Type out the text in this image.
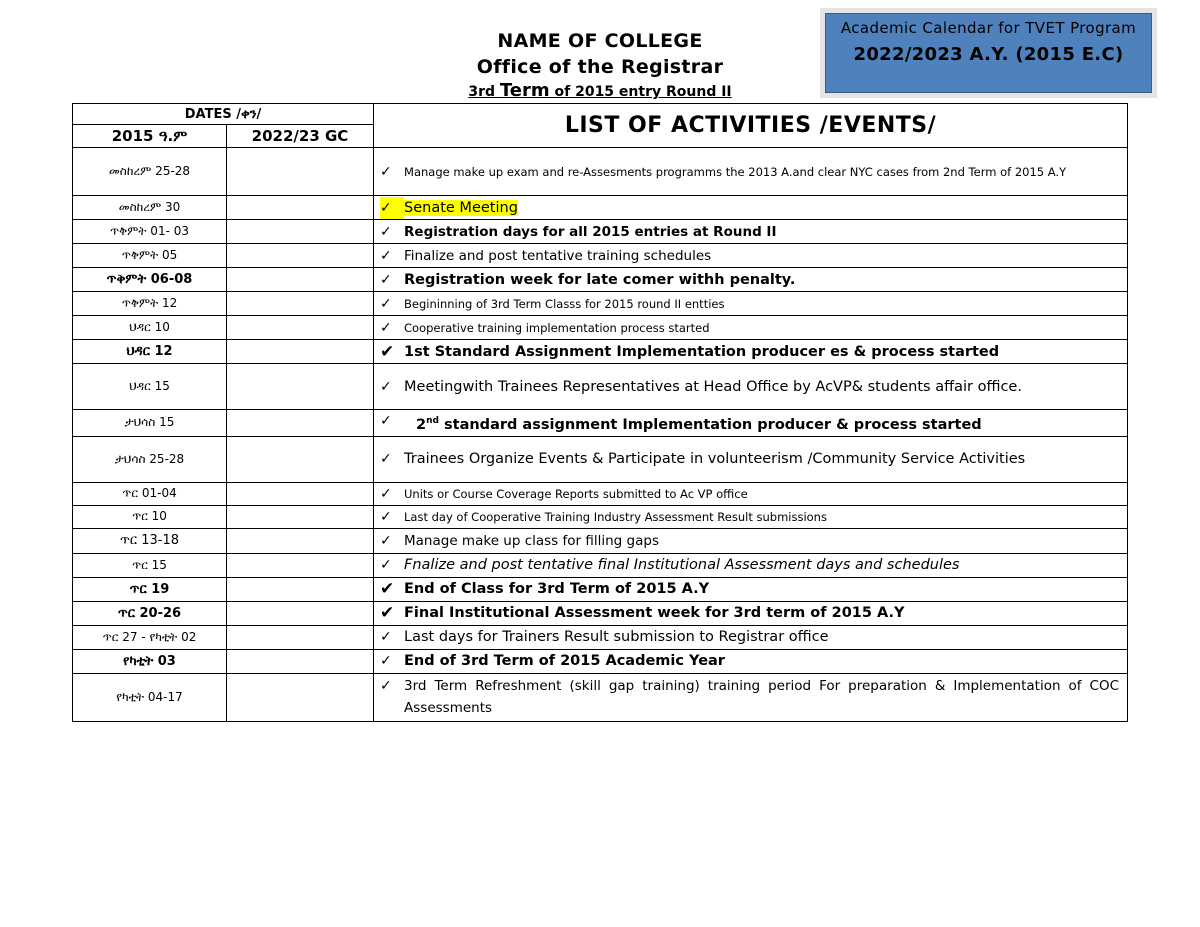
NAME OF COLLEGE
Office of the Registrar
3rd Term of 2015 entry Round II
Academic Calendar for TVET Program
2022/2023 A.Y. (2015 E.C)
DATES /ቀን/		LIST OF ACTIVITIES /EVENTS/
2015 ዓ.ም	2022/23 GC	
መስከረም 25-28		✓ Manage make up exam and re-Assesments programms the 2013 A.and clear NYC cases from 2nd Term of 2015 A.Y

መስከረም 30		✓ Senate Meeting

ጥቅምት 01- 03		✓ Registration days for all 2015 entries at Round II

ጥቅምት 05		✓ Finalize and post tentative training schedules

ጥቅምት 06-08		✓ Registration week for late comer withh penalty.

ጥቅምት 12		✓ Begininning of 3rd Term Classs for 2015 round II entties

ህዳር 10		✓ Cooperative training implementation process started

ህዳር 12		✔ 1st Standard Assignment Implementation producer es & process started

ህዳር 15		✓ Meetingwith Trainees Representatives at Head Office by AcVP& students affair office.

ታህሳስ 15		✓ 2nd standard assignment Implementation producer & process started

ታህሳስ 25-28		✓ Trainees Organize Events & Participate in volunteerism /Community Service Activities

ጥር 01-04		✓ Units or Course Coverage Reports submitted to Ac VP office

ጥር 10		✓ Last day of Cooperative Training Industry Assessment Result submissions

ጥር 13-18		✓ Manage make up class for filling gaps

ጥር 15		✓ Fnalize and post tentative final Institutional Assessment days and schedules

ጥር 19		✔ End of Class for 3rd Term of 2015 A.Y

ጥር 20-26		✔ Final Institutional Assessment week for 3rd term of 2015 A.Y

ጥር 27 - የካቲት 02		✓ Last days for Trainers Result submission to Registrar office

የካቲት 03		✓ End of 3rd Term of 2015 Academic Year

የካቲት 04-17		✓ 3rd Term Refreshment (skill gap training) training period For preparation & Implementation of COC Assessments
